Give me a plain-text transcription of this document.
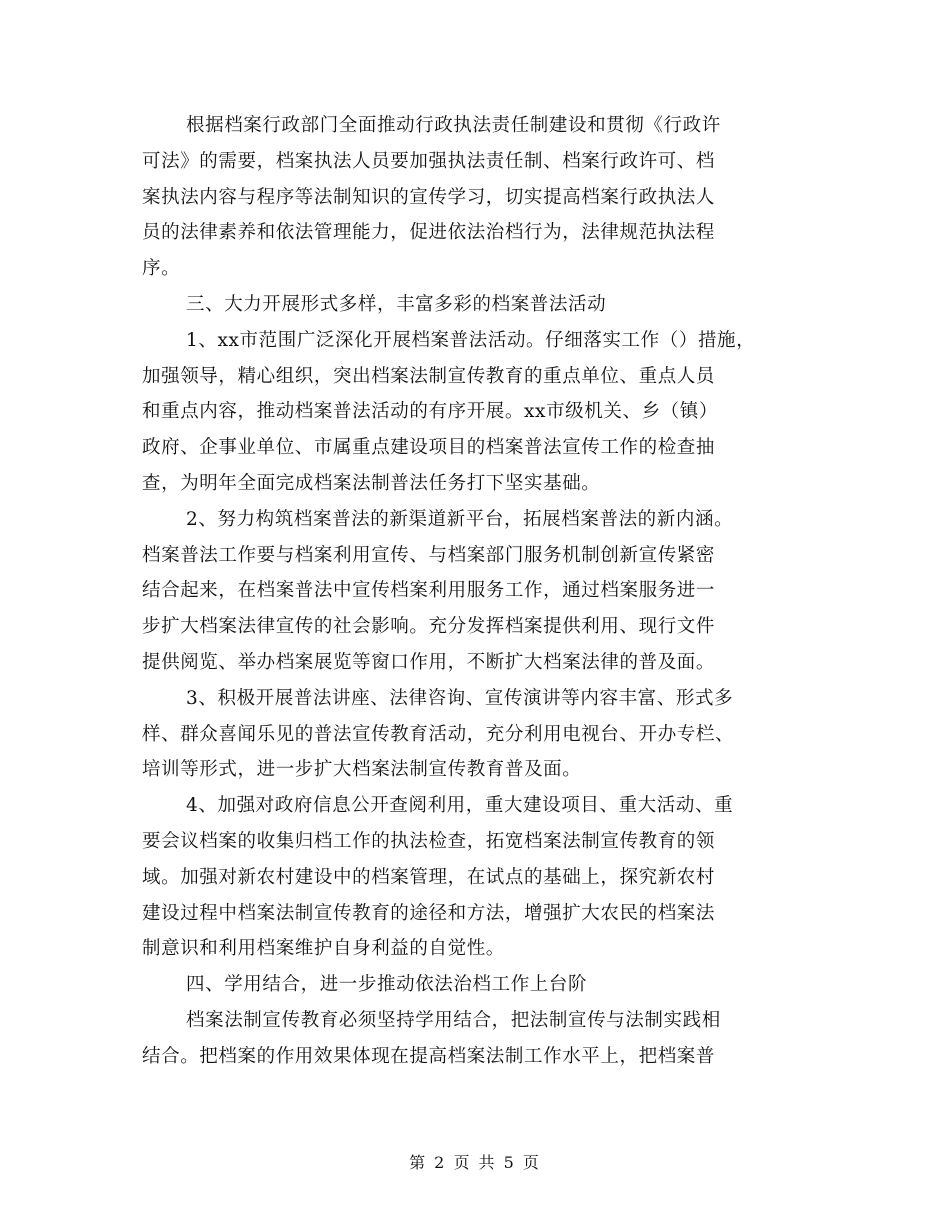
根据档案行政部门全面推动行政执法责任制建设和贯彻《行政许
可法》的需要，档案执法人员要加强执法责任制、档案行政许可、档
案执法内容与程序等法制知识的宣传学习，切实提高档案行政执法人
员的法律素养和依法管理能力，促进依法治档行为，法律规范执法程
序。
三、大力开展形式多样，丰富多彩的档案普法活动
1、xx市范围广泛深化开展档案普法活动。仔细落实工作（）措施，
加强领导，精心组织，突出档案法制宣传教育的重点单位、重点人员
和重点内容，推动档案普法活动的有序开展。xx市级机关、乡（镇）
政府、企事业单位、市属重点建设项目的档案普法宣传工作的检查抽
查，为明年全面完成档案法制普法任务打下坚实基础。
2、努力构筑档案普法的新渠道新平台，拓展档案普法的新内涵。
档案普法工作要与档案利用宣传、与档案部门服务机制创新宣传紧密
结合起来，在档案普法中宣传档案利用服务工作，通过档案服务进一
步扩大档案法律宣传的社会影响。充分发挥档案提供利用、现行文件
提供阅览、举办档案展览等窗口作用，不断扩大档案法律的普及面。
3、积极开展普法讲座、法律咨询、宣传演讲等内容丰富、形式多
样、群众喜闻乐见的普法宣传教育活动，充分利用电视台、开办专栏、
培训等形式，进一步扩大档案法制宣传教育普及面。
4、加强对政府信息公开查阅利用，重大建设项目、重大活动、重
要会议档案的收集归档工作的执法检查，拓宽档案法制宣传教育的领
域。加强对新农村建设中的档案管理，在试点的基础上，探究新农村
建设过程中档案法制宣传教育的途径和方法，增强扩大农民的档案法
制意识和利用档案维护自身利益的自觉性。
四、学用结合，进一步推动依法治档工作上台阶
档案法制宣传教育必须坚持学用结合，把法制宣传与法制实践相
结合。把档案的作用效果体现在提高档案法制工作水平上，把档案普
第 2 页 共 5 页
